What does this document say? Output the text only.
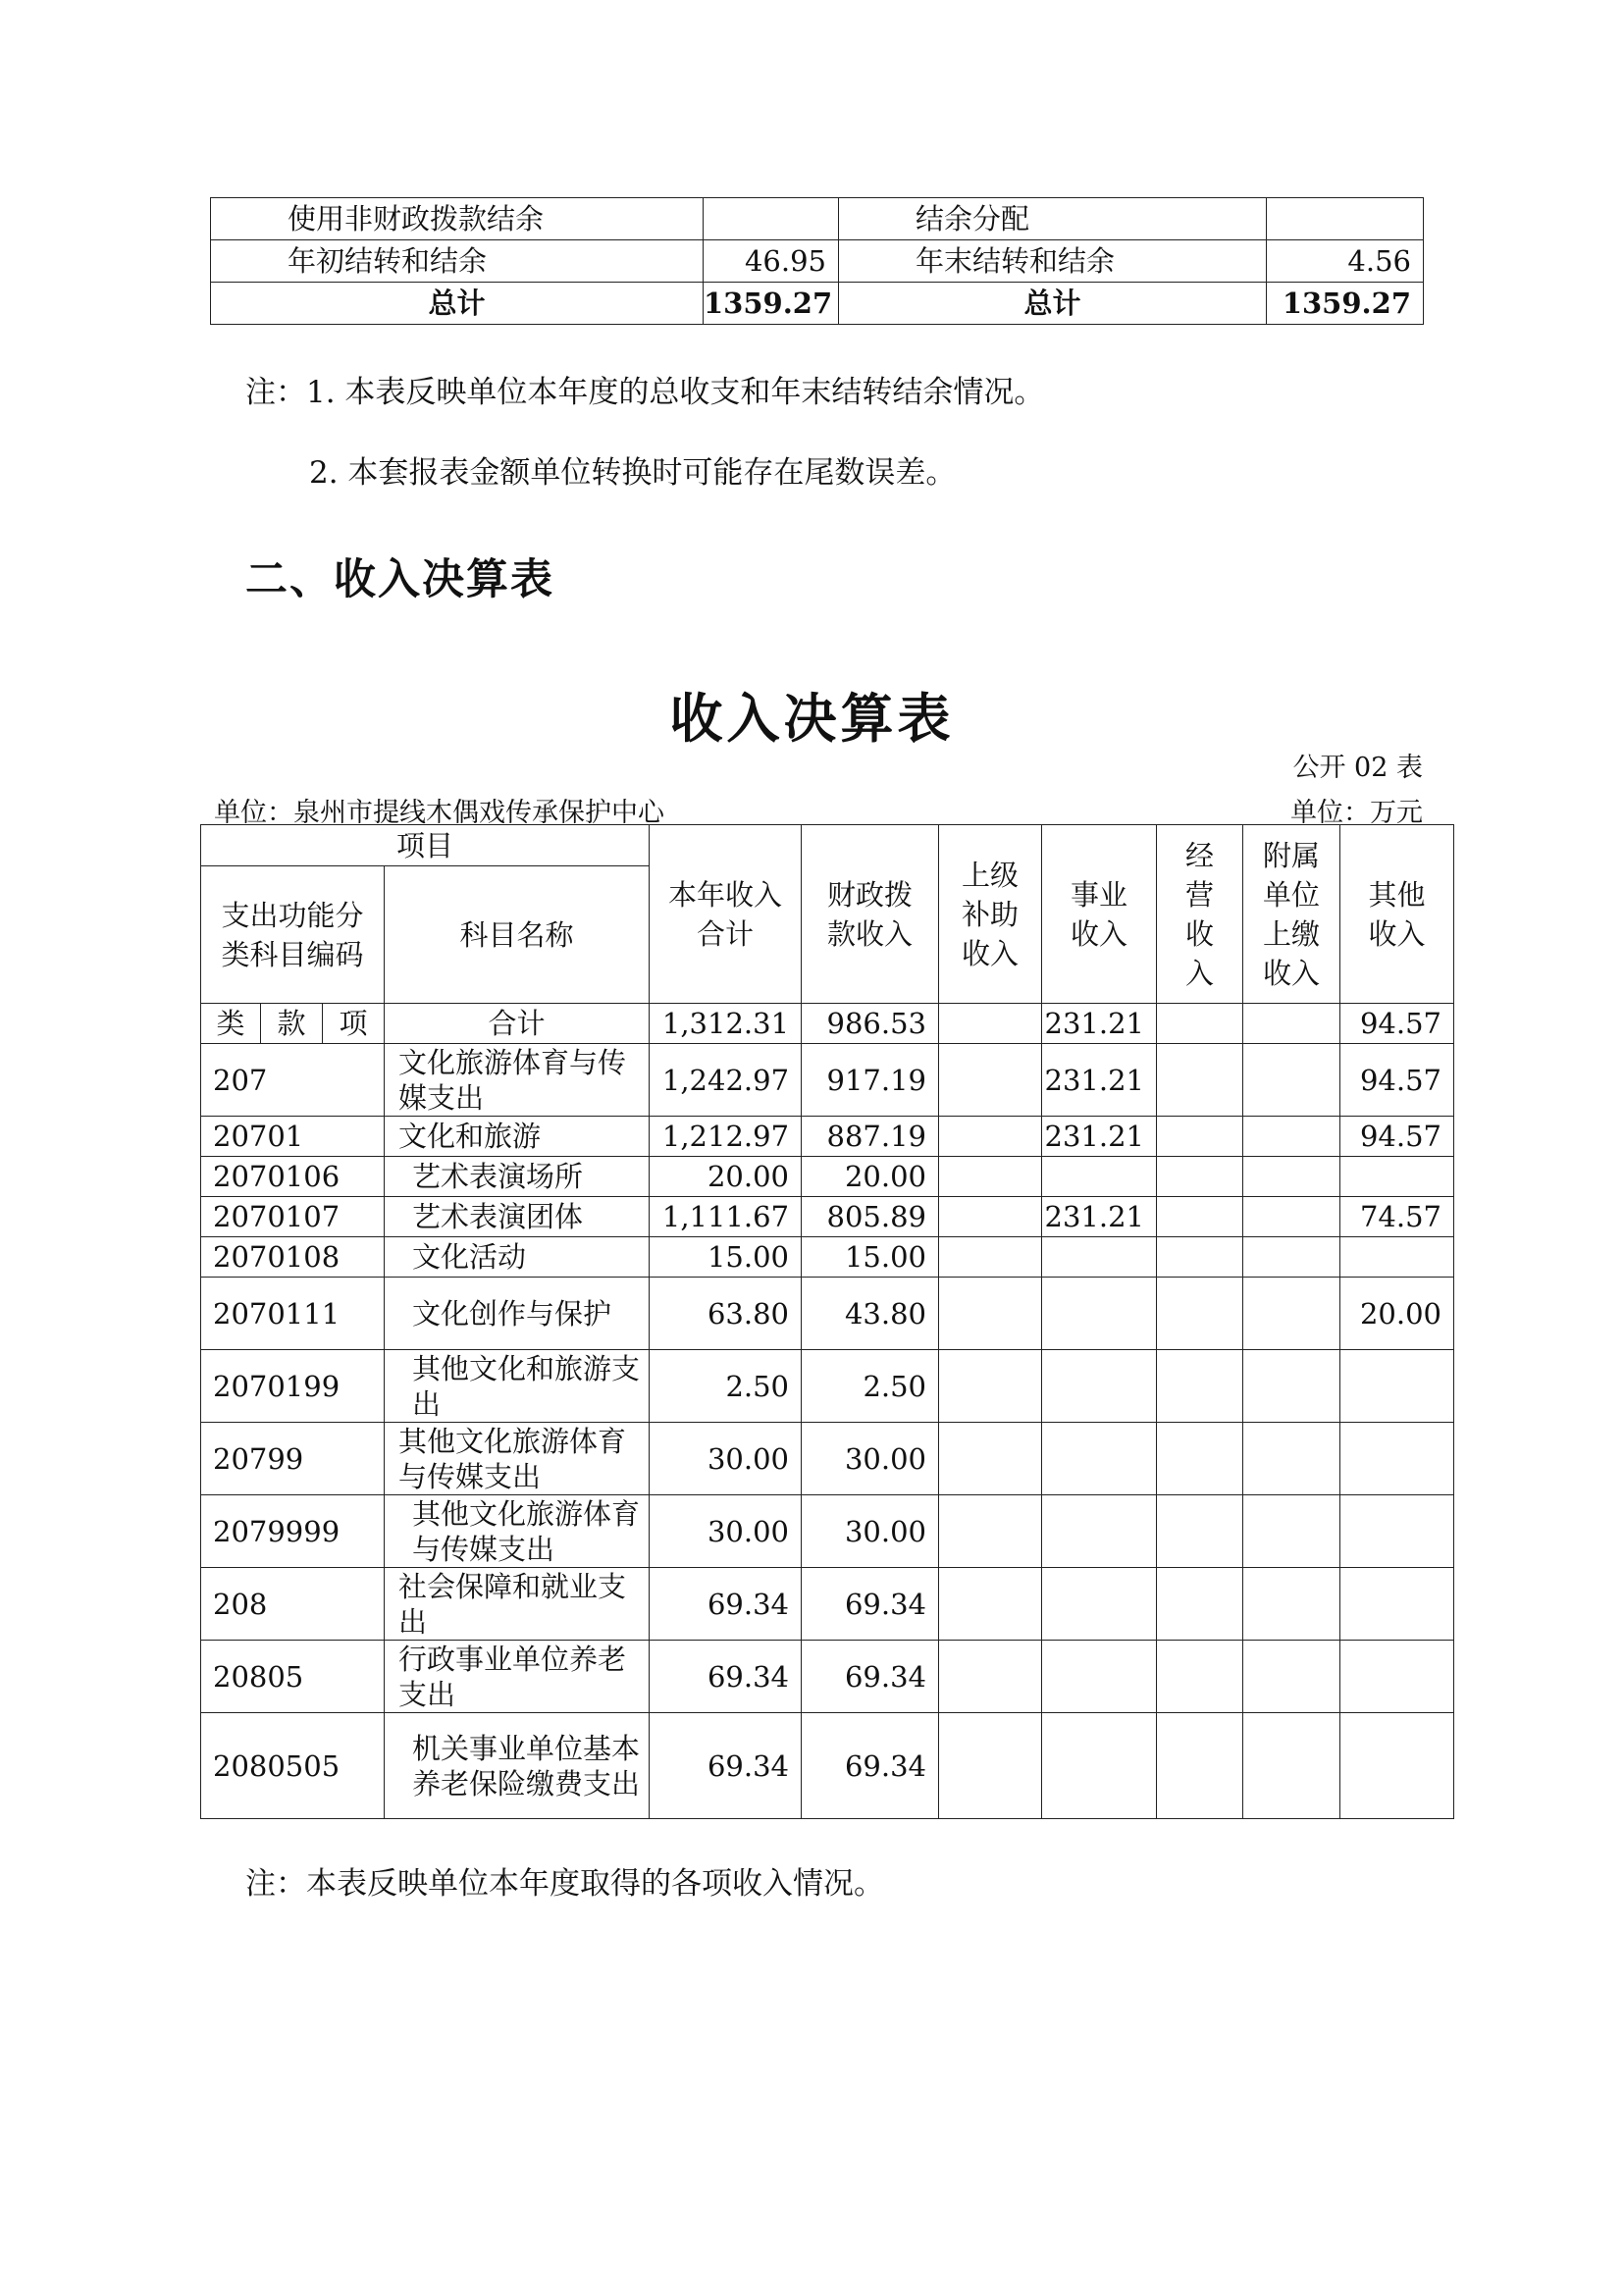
使用非财政拨款结余		结余分配	
年初结转和结余	46.95	年末结转和结余	4.56
总计	1359.27	总计	1359.27
注：1. 本表反映单位本年度的总收支和年末结转结余情况。
2. 本套报表金额单位转换时可能存在尾数误差。
二、收入决算表
收入决算表
公开 02 表
单位：泉州市提线木偶戏传承保护中心	单位：万元
项目				本年收入合计	财政拨款收入	上级补助收入	事业收入	经营收入	附属单位上缴收入	其他收入
支出功能分类科目编码			科目名称							
类	款	项	合计	1,312.31	986.53		231.21			94.57
207			文化旅游体育与传媒支出	1,242.97	917.19		231.21			94.57
20701			文化和旅游	1,212.97	887.19		231.21			94.57
2070106			艺术表演场所	20.00	20.00					
2070107			艺术表演团体	1,111.67	805.89		231.21			74.57
2070108			文化活动	15.00	15.00					
2070111			文化创作与保护	63.80	43.80					20.00
2070199			其他文化和旅游支出	2.50	2.50					
20799			其他文化旅游体育与传媒支出	30.00	30.00					
2079999			其他文化旅游体育与传媒支出	30.00	30.00					
208			社会保障和就业支出	69.34	69.34					
20805			行政事业单位养老支出	69.34	69.34					
2080505			机关事业单位基本养老保险缴费支出	69.34	69.34					
注：本表反映单位本年度取得的各项收入情况。
